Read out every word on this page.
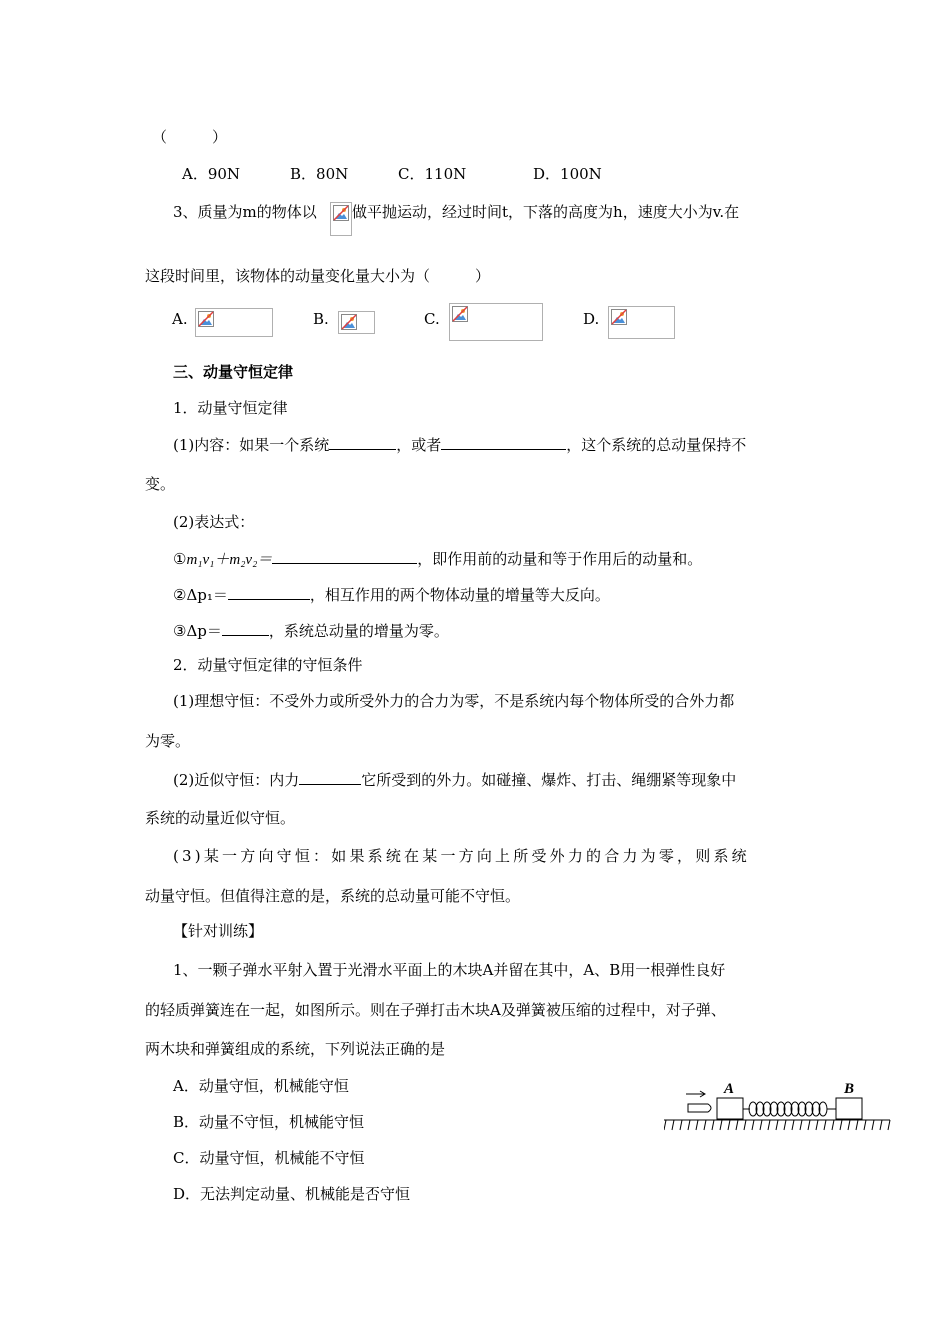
（　　　）
A．90N	B．80N	C．110N	D．100N
3、质量为m的物体以 做平抛运动，经过时间t，下落的高度为h，速度大小为v.在
这段时间里，该物体的动量变化量大小为（　　　）
A.	B.	C.	D.
三、动量守恒定律
1．动量守恒定律
(1)内容：如果一个系统	，或者	，这个系统的总动量保持不
变。
(2)表达式：
①m₁v₁＋m₂v₂＝	，即作用前的动量和等于作用后的动量和。
②Δp₁＝	，相互作用的两个物体动量的增量等大反向。
③Δp＝	，系统总动量的增量为零。
2．动量守恒定律的守恒条件
(1)理想守恒：不受外力或所受外力的合力为零，不是系统内每个物体所受的合外力都
为零。
(2)近似守恒：内力	它所受到的外力。如碰撞、爆炸、打击、绳绷紧等现象中
系统的动量近似守恒。
(3)某一方向守恒：如果系统在某一方向上所受外力的合力为零，则系统
动量守恒。但值得注意的是，系统的总动量可能不守恒。
【针对训练】
1、一颗子弹水平射入置于光滑水平面上的木块A并留在其中，A、B用一根弹性良好
的轻质弹簧连在一起，如图所示。则在子弹打击木块A及弹簧被压缩的过程中，对子弹、
两木块和弹簧组成的系统，下列说法正确的是
A．动量守恒，机械能守恒
B．动量不守恒，机械能守恒
C．动量守恒，机械能不守恒
D．无法判定动量、机械能是否守恒
A	B
